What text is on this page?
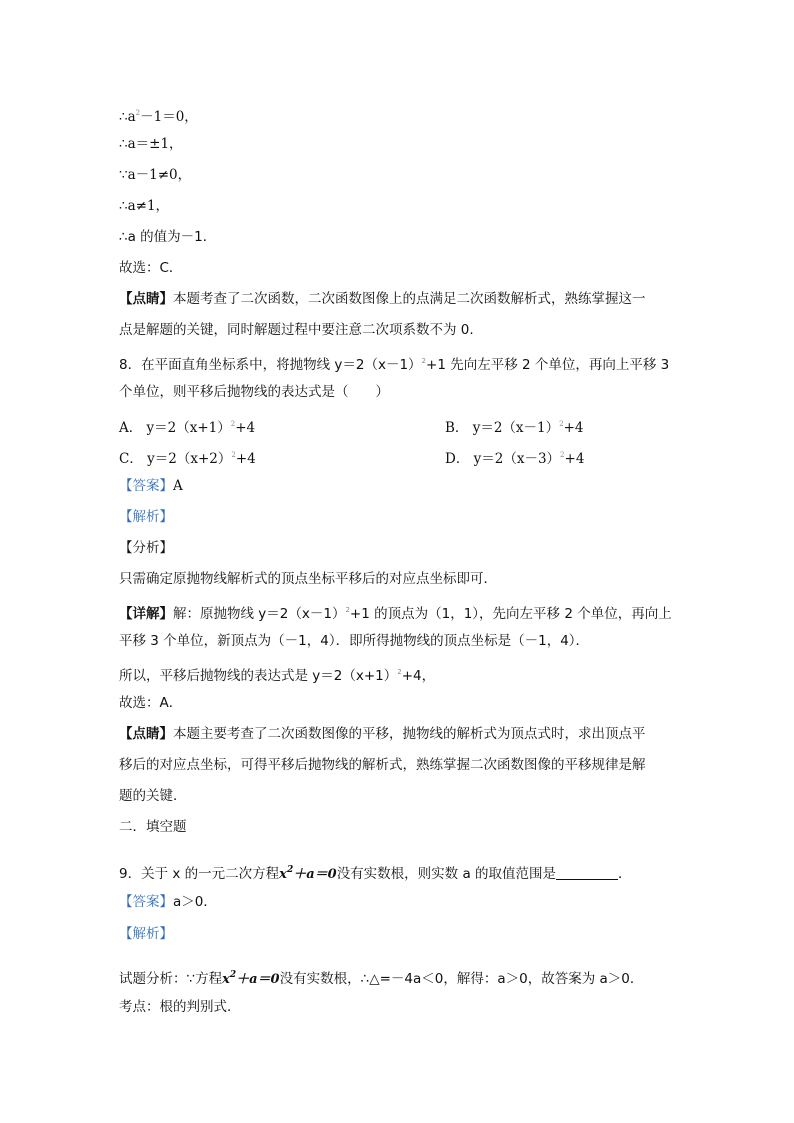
$\therefore a^2-1=0$，
∴a＝±1，
∵a－1≠0，
∴a≠1，
∴a 的值为－1．
故选：C．
【点睛】本题考查了二次函数，二次函数图像上的点满足二次函数解析式，熟练掌握这一
点是解题的关键，同时解题过程中要注意二次项系数不为 0.
8．在平面直角坐标系中，将抛物线 $y=2(x-1)^2+1$ 先向左平移 2 个单位，再向上平移 3
个单位，则平移后抛物线的表达式是（　　）
A． $y=2(x+1)^2+4$	B． $y=2(x-1)^2+4$
C． $y=2(x+2)^2+4$	D． $y=2(x-3)^2+4$
【答案】A
【解析】
【分析】
只需确定原抛物线解析式的顶点坐标平移后的对应点坐标即可．
【详解】解：原抛物线 $y=2(x-1)^2+1$ 的顶点为（1，1），先向左平移 2 个单位，再向上
平移 3 个单位，新顶点为（－1，4）．即所得抛物线的顶点坐标是（－1，4）．
所以，平移后抛物线的表达式是 $y=2(x+1)^2+4$，
故选：A．
【点睛】本题主要考查了二次函数图像的平移，抛物线的解析式为顶点式时，求出顶点平
移后的对应点坐标，可得平移后抛物线的解析式，熟练掌握二次函数图像的平移规律是解
题的关键．
二．填空题
9．关于 x 的一元二次方程$x^2+a=0$没有实数根，则实数 a 的取值范围是	．
【答案】a＞0．
【解析】
试题分析：∵方程$x^2+a=0$没有实数根，∴△=－4a＜0，解得：a＞0，故答案为 a＞0．
考点：根的判别式．
